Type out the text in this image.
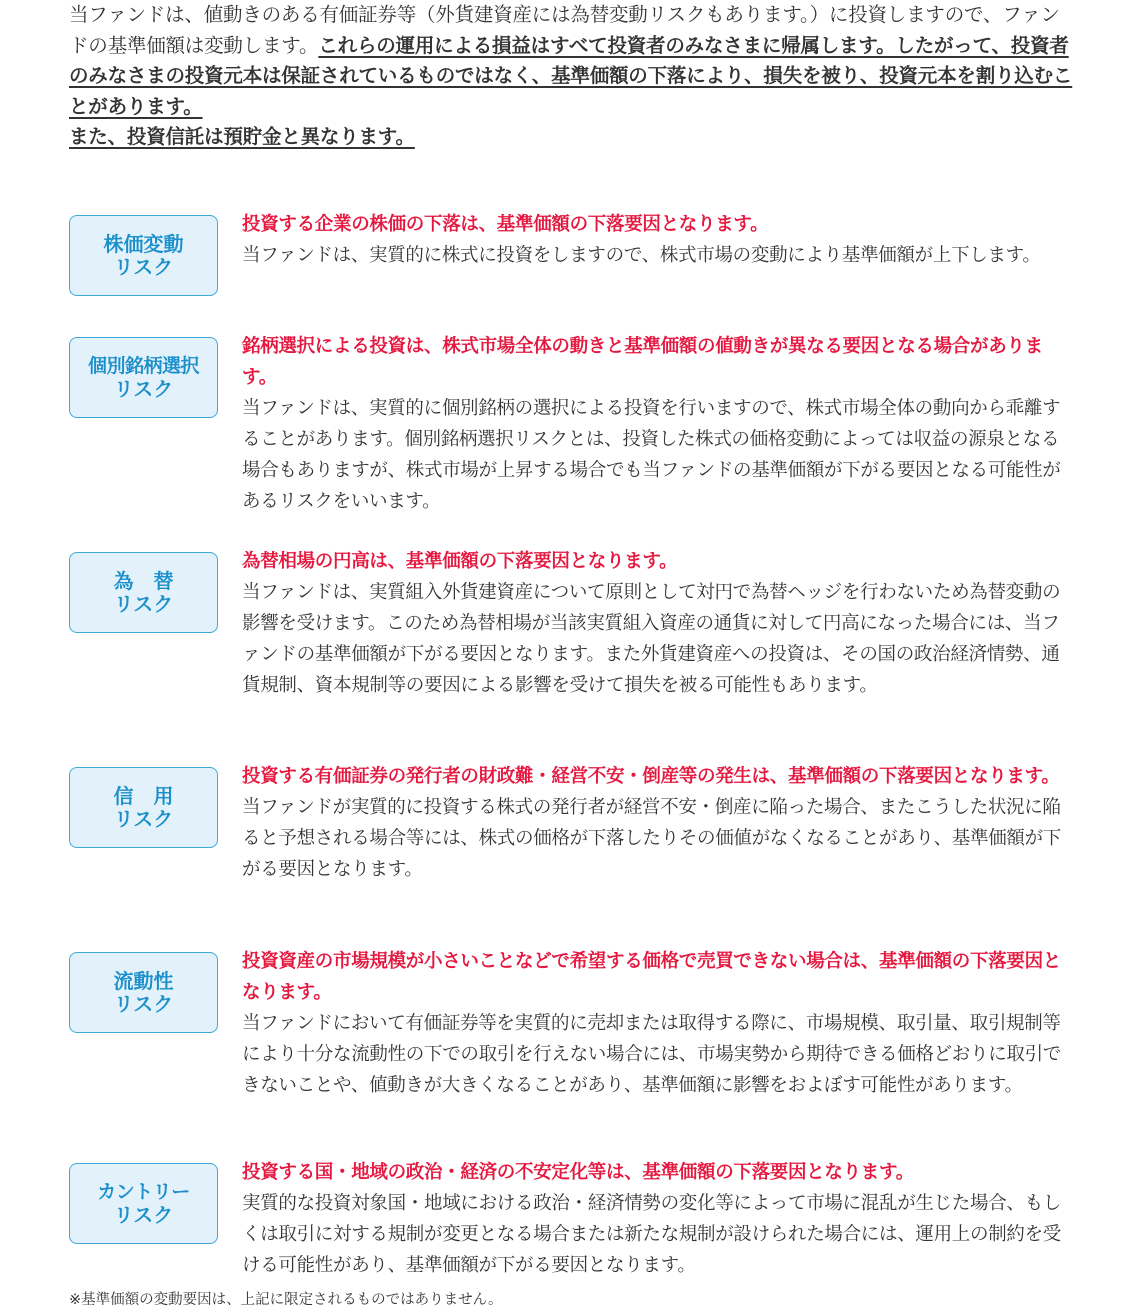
当ファンドは、値動きのある有価証券等（外貨建資産には為替変動リスクもあります。）に投資しますので、ファンドの基準価額は変動します。これらの運用による損益はすべて投資者のみなさまに帰属します。したがって、投資者のみなさまの投資元本は保証されているものではなく、基準価額の下落により、損失を被り、投資元本を割り込むことがあります。
また、投資信託は預貯金と異なります。
株価変動
リスク
投資する企業の株価の下落は、基準価額の下落要因となります。
当ファンドは、実質的に株式に投資をしますので、株式市場の変動により基準価額が上下します。
個別銘柄選択
リスク
銘柄選択による投資は、株式市場全体の動きと基準価額の値動きが異なる要因となる場合があります。
当ファンドは、実質的に個別銘柄の選択による投資を行いますので、株式市場全体の動向から乖離することがあります。個別銘柄選択リスクとは、投資した株式の価格変動によっては収益の源泉となる場合もありますが、株式市場が上昇する場合でも当ファンドの基準価額が下がる要因となる可能性があるリスクをいいます。
為　替
リスク
為替相場の円高は、基準価額の下落要因となります。
当ファンドは、実質組入外貨建資産について原則として対円で為替ヘッジを行わないため為替変動の影響を受けます。このため為替相場が当該実質組入資産の通貨に対して円高になった場合には、当ファンドの基準価額が下がる要因となります。また外貨建資産への投資は、その国の政治経済情勢、通貨規制、資本規制等の要因による影響を受けて損失を被る可能性もあります。
信　用
リスク
投資する有価証券の発行者の財政難・経営不安・倒産等の発生は、基準価額の下落要因となります。
当ファンドが実質的に投資する株式の発行者が経営不安・倒産に陥った場合、またこうした状況に陥ると予想される場合等には、株式の価格が下落したりその価値がなくなることがあり、基準価額が下がる要因となります。
流動性
リスク
投資資産の市場規模が小さいことなどで希望する価格で売買できない場合は、基準価額の下落要因となります。
当ファンドにおいて有価証券等を実質的に売却または取得する際に、市場規模、取引量、取引規制等により十分な流動性の下での取引を行えない場合には、市場実勢から期待できる価格どおりに取引できないことや、値動きが大きくなることがあり、基準価額に影響をおよぼす可能性があります。
カントリー
リスク
投資する国・地域の政治・経済の不安定化等は、基準価額の下落要因となります。
実質的な投資対象国・地域における政治・経済情勢の変化等によって市場に混乱が生じた場合、もしくは取引に対する規制が変更となる場合または新たな規制が設けられた場合には、運用上の制約を受ける可能性があり、基準価額が下がる要因となります。
※基準価額の変動要因は、上記に限定されるものではありません。
